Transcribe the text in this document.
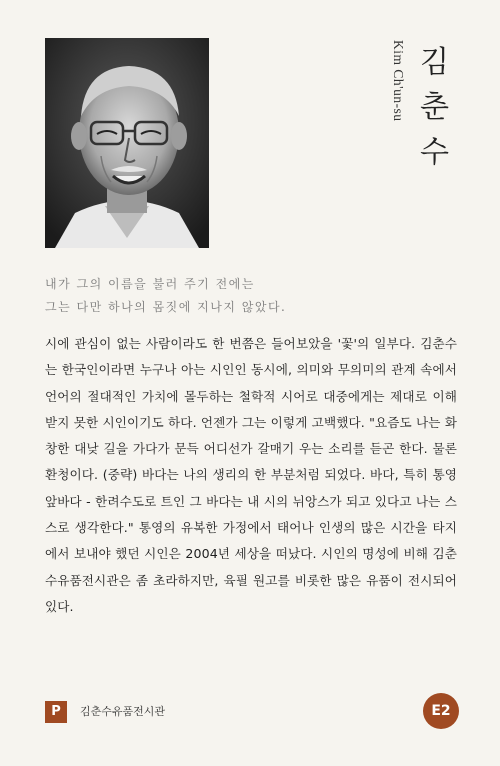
Kim Ch'un-su 김춘수
내가 그의 이름을 불러 주기 전에는
그는 다만 하나의 몸짓에 지나지 않았다.
시에 관심이 없는 사람이라도 한 번쯤은 들어보았을 '꽃'의 일부다. 김춘수는 한국인이라면 누구나 아는 시인인 동시에, 의미와 무의미의 관계 속에서 언어의 절대적인 가치에 몰두하는 철학적 시어로 대중에게는 제대로 이해 받지 못한 시인이기도 하다. 언젠가 그는 이렇게 고백했다. "요즘도 나는 화창한 대낮 길을 가다가 문득 어디선가 갈매기 우는 소리를 듣곤 한다. 물론 환청이다. (중략) 바다는 나의 생리의 한 부분처럼 되었다. 바다, 특히 통영 앞바다 - 한려수도로 트인 그 바다는 내 시의 뉘앙스가 되고 있다고 나는 스스로 생각한다." 통영의 유복한 가정에서 태어나 인생의 많은 시간을 타지에서 보내야 했던 시인은 2004년 세상을 떠났다. 시인의 명성에 비해 김춘수유품전시관은 좀 초라하지만, 육필 원고를 비롯한 많은 유품이 전시되어 있다.
P	김춘수유품전시관	E2
